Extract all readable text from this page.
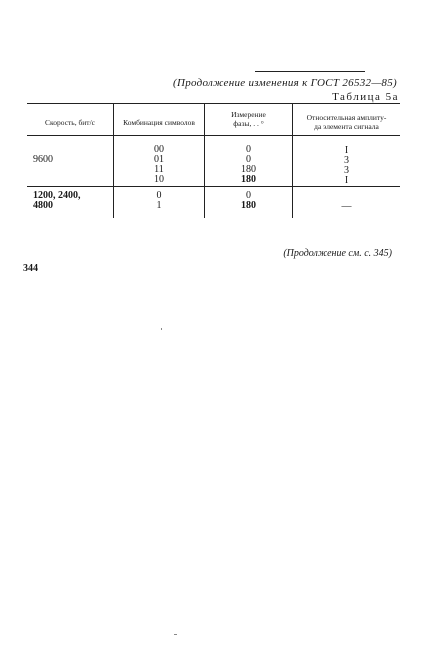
(Продолжение изменения к ГОСТ 26532—85)
Таблица 5а
Скорость, бит/с	Комбинация символов
Измерение
фазы, . . °
Относительная амплиту-
да элемента сигнала
9600
00
01
11
10
0
0
180
180
I
3
3
I
1200, 2400,
4800
0
1
0
180	—
(Продолжение см. с. 345)
344
